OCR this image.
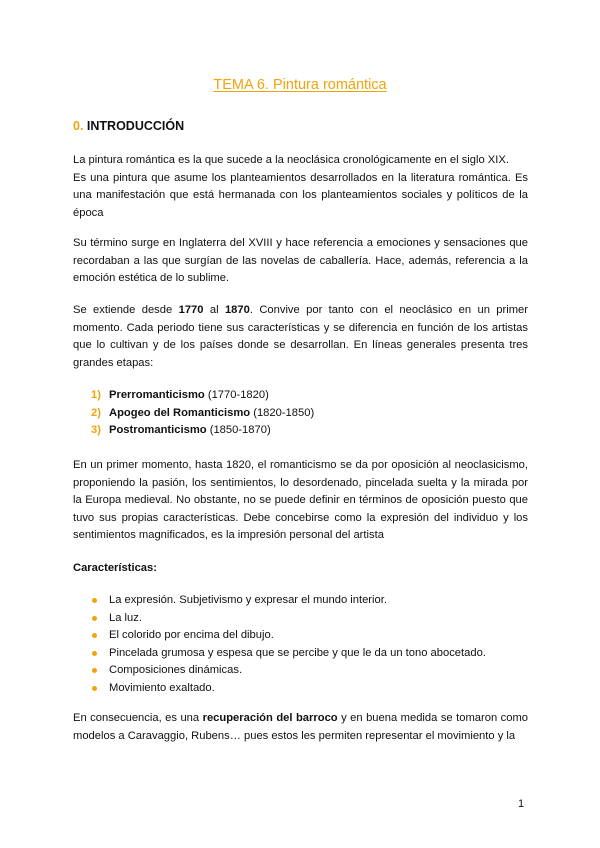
TEMA 6. Pintura romántica
0. INTRODUCCIÓN
La pintura romántica es la que sucede a la neoclásica cronológicamente en el siglo XIX.
Es una pintura que asume los planteamientos desarrollados en la literatura romántica. Es una manifestación que está hermanada con los planteamientos sociales y políticos de la época
Su término surge en Inglaterra del XVIII y hace referencia a emociones y sensaciones que recordaban a las que surgían de las novelas de caballería. Hace, además, referencia a la emoción estética de lo sublime.
Se extiende desde 1770 al 1870. Convive por tanto con el neoclásico en un primer momento. Cada periodo tiene sus características y se diferencia en función de los artistas que lo cultivan y de los países donde se desarrollan. En líneas generales presenta tres grandes etapas:
1) Prerromanticismo (1770-1820)
2) Apogeo del Romanticismo (1820-1850)
3) Postromanticismo (1850-1870)
En un primer momento, hasta 1820, el romanticismo se da por oposición al neoclasicismo, proponiendo la pasión, los sentimientos, lo desordenado, pincelada suelta y la mirada por la Europa medieval. No obstante, no se puede definir en términos de oposición puesto que tuvo sus propias características. Debe concebirse como la expresión del individuo y los sentimientos magnificados, es la impresión personal del artista
Características:
La expresión. Subjetivismo y expresar el mundo interior.
La luz.
El colorido por encima del dibujo.
Pincelada grumosa y espesa que se percibe y que le da un tono abocetado.
Composiciones dinámicas.
Movimiento exaltado.
En consecuencia, es una recuperación del barroco y en buena medida se tomaron como modelos a Caravaggio, Rubens… pues estos les permiten representar el movimiento y la
1
